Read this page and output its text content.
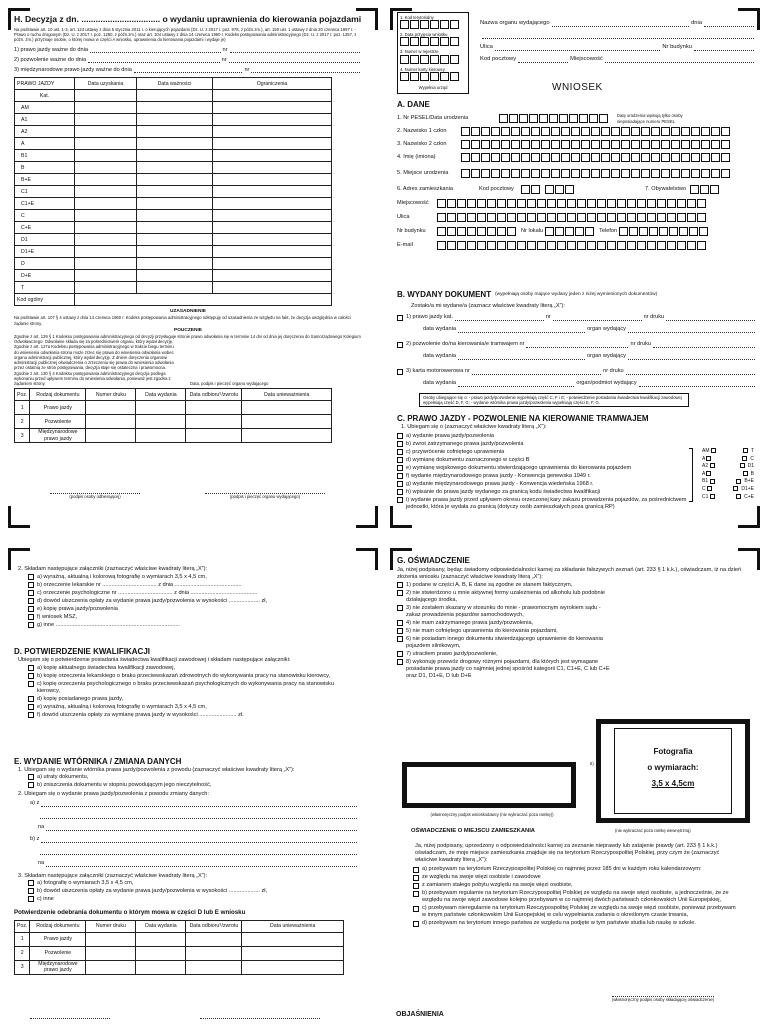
H. Decyzja z dn. ................................. o wydaniu uprawnienia do kierowania pojazdami

Na podstawie art. 10 ust. 1-3, art. 124 ustawy z dnia 5 stycznia 2011 r. o kierujących pojazdami (Dz. U. z 2017 r. poz. 978, z późn.zm.), art. 150 ust. 1 ustawy z dnia 20 czerwca 1997 r. - Prawo o ruchu drogowym (Dz. U. z 2017 r. poz. 1260, z późn.zm.) oraz art. 104 ustawy z dnia 14 czerwca 1960 r. Kodeks postępowania administracyjnego (Dz. U. z 2017 r. poz. 1257, z późn. zm.) przyznaje osobie, o której mowa w części A wniosku, uprawnienia do kierowania pojazdami i wydaje je)

1) prawo jazdy ważne do dnia	nr
2) pozwolenie ważne do dnia	nr
3) międzynarodowe prawo jazdy ważne do dnia	nr
PRAWO JAZDY	Data uzyskania	Data ważności	Ograniczenia
Kat.			
AM			
A1			
A2			
A			
B1			
B			
B+E			
C1			
C1+E			
C			
C+E			
D1			
D1+E			
D			
D+E			
T			
Kod ogólny			
UZASADNIENIE

Na podstawie art. 107 § 4 ustawy z dnia 14 czerwca 1960 r. Kodeks postępowania administracyjnego odstępuję od uzasadnienia ze względu na fakt, że decyzja uwzględnia w całości żądanie strony.

POUCZENIE

Zgodnie z art. 129 § 1 Kodeksu postępowania administracyjnego od decyzji przysługuje stronie prawo odwołania się w terminie 14 dni od dnia jej doręczenia do Samorządowego Kolegium Odwoławczego. Odwołanie składa się za pośrednictwem organu, który wydał decyzję.

Zgodnie z art. 127a Kodeksu postępowania administracyjnego w trakcie biegu terminu do wniesienia odwołania strona może zrzec się prawa do wniesienia odwołania wobec organu administracji publicznej, który wydał decyzję. Z dniem doręczenia organowi administracji publicznej oświadczenia o zrzeczeniu się prawa do wniesienia odwołania przez ostatnią ze stron postępowania, decyzja staje się ostateczna i prawomocna.

Zgodnie z art. 130 § 4 Kodeksu postępowania administracyjnego decyzja podlega wykonaniu przed upływem terminu do wniesienia odwołania, ponieważ jest zgodna z żądaniem strony.	Data, podpis i pieczęć organu wydającego
Poz.	Rodzaj dokumentu	Numer druku	Data wydania	Data odbioru⁹/zwrotu	Data unieważnienia
1	Prawo jazdy				
2	Pozwolenie				
3	Międzynarodowe prawo jazdy				
(podpis osoby odbierającej)	(podpis i pieczęć organu wydającego)
1. Kod terytorialny
2. Data przyjęcia wniosku
3. Numer w rejestrze
4. Numer karty kierowcy
Wypełnia urząd
Nazwa organu wydającego	dnia
Ulica	Nr budynku
Kod pocztowy	Miejscowość
WNIOSEK
A. DANE
1. Nr PESEL/Data urodzenia	Datę urodzenia wpisują tylko osoby nieposiadające numeru PESEL
2. Nazwisko 1 człon
3. Nazwisko 2 człon
4. Imię (imiona)
5. Miejsce urodzenia
6. Adres zamieszkania	Kod pocztowy	7. Obywatelstwo
Miejscowość
Ulica
Nr budynku	Nr lokalu	Telefon
E-mail
B. WYDANY DOKUMENT (wypełniają osoby mające wydany jeden z niżej wymienionych dokumentów)
Zostało/a mi wydane/a (zaznacz właściwe kwadraty literą „X”):
1) prawo jazdy kat.	nr	nr druku
data wydania	organ wydający
2) pozwolenie do/na kierowania/e tramwajem nr	nr druku
data wydania	organ wydający
3) karta motorowerowa nr	nr druku
data wydania	organ/podmiot wydający
Osoby ubiegające się o: - prawo jazdy/pozwolenie wypełniają część C, F i G; - potwierdzenie posiadania świadectwa kwalifikacji zawodowej wypełniają część D, F, G; - wydanie wtórnika prawa jazdy/pozwolenia wypełniają części E, F, G.
C. PRAWO JAZDY - POZWOLENIE NA KIEROWANIE TRAMWAJEM
1. Ubiegam się o (zaznaczyć właściwe kwadraty literą „X”):
a) wydanie prawa jazdy/pozwolenia
b) zwrot zatrzymanego prawa jazdy/pozwolenia
c) przywrócenie cofniętego uprawnienia
d) wymianę dokumentu zaznaczonego w części B
e) wymianę wojskowego dokumentu stwierdzającego uprawnienia do kierowania pojazdem
f) wydanie międzynarodowego prawa jazdy - Konwencja genewska 1949 r.
g) wydanie międzynarodowego prawa jazdy - Konwencja wiedeńska 1968 r.
h) wpisanie do prawa jazdy wydanego za granicą kodu świadectwa kwalifikacji
i) wydanie prawa jazdy przed upływem okresu orzeczonej kary zakazu prowadzenia pojazdów, za pośrednictwem jednostki, która je wydała za granicą (dotyczy osób zamieszkałych poza granicą RP)
AM	T
A	C
A2	D1
A	B
B1	B+E
C	D1+E
C1	C+E
2. Składam następujące załączniki (zaznaczyć właściwe kwadraty literą „X”):
a) wyraźną, aktualną i kolorową fotografię o wymiarach 3,5 x 4,5 cm,
b) orzeczenie lekarskie nr ................................... z dnia ...........................................
c) orzeczenie psychologiczne nr ................................... z dnia ...........................................
d) dowód uiszczenia opłaty za wydanie prawa jazdy/pozwolenia w wysokości .................... zł,
e) kopię prawa jazdy/pozwolenia
f) wniosek MSZ,
g) inne ................................................................................
D. POTWIERDZENIE KWALIFIKACJI
Ubiegam się o potwierdzenie posiadania świadectwa kwalifikacji zawodowej i składam następujące załączniki:
a) kopię aktualnego świadectwa kwalifikacji zawodowej,
b) kopię orzeczenia lekarskiego o braku przeciwwskazań zdrowotnych do wykonywania pracy na stanowisku kierowcy,
c) kopię orzeczenia psychologicznego o braku przeciwwskazań psychologicznych do wykonywania pracy na stanowisku kierowcy,
d) kopię posiadanego prawa jazdy,
e) wyraźną, aktualną i kolorową fotografię o wymiarach 3,5 x 4,5 cm,
f) dowód uiszczenia opłaty za wymianę prawa jazdy w wysokości ........................ zł.
E. WYDANIE WTÓRNIKA / ZMIANA DANYCH
1. Ubiegam się o wydanie wtórnika prawa jazdy/pozwolenia z powodu (zaznaczyć właściwe kwadraty literą „X”):
a) utraty dokumentu,
b) zniszczenia dokumentu w stopniu powodującym jego nieczytelność,
2. Ubiegam się o wydanie prawa jazdy/pozwolenia z powodu zmiany danych:
a) z
na
b) z
na
3. Składam następujące załączniki (zaznaczyć właściwe kwadraty literą „X”):
a) fotografię o wymiarach 3,5 x 4,5 cm,
b) dowód uiszczenia opłaty za wydanie prawa jazdy/pozwolenia w wysokości .................... zł,
c) inne
Potwierdzenie odebrania dokumentu o którym mowa w części D lub E wniosku
Poz.	Rodzaj dokumentu	Numer druku	Data wydania	Data odbioru⁹/zwrotu	Data unieważnienia
1	Prawo jazdy				
2	Pozwolenie				
3	Międzynarodowe prawo jazdy				
G. OŚWIADCZENIE
Ja, niżej podpisany, będąc świadomy odpowiedzialności karnej za składanie fałszywych zeznań (art. 233 § 1 k.k.), oświadczam, iż na dzień złożenia wniosku (zaznaczyć właściwe kwadraty literą „X”):
1) podane w części A, B, E dane są zgodne ze stanem faktycznym,
2) nie stwierdzono u mnie aktywnej formy uzależnienia od alkoholu lub podobnie działającego środka,
3) nie zostałem skazany w stosunku do mnie - prawomocnym wyrokiem sądu - zakaz prowadzenia pojazdów samochodowych,
4) nie mam zatrzymanego prawa jazdy/pozwolenia,
5) nie mam cofniętego uprawnienia do kierowania pojazdami,
6) nie posiadam innego dokumentu stwierdzającego uprawnienie do kierowania pojazdem silnikowym,
7) utraciłem prawo jazdy/pozwolenie,
8) wykonuję przewóz drogowy różnymi pojazdami, dla których jest wymagane posiadanie prawa jazdy co najmniej jednej spośród kategorii C1, C1+E, C lub C+E oraz D1, D1+E, D lub D+E
6)
(własnoręczny podpis wnioskodawcy (nie wykraczać poza ramkę))
Fotografia
o wymiarach:
3,5 x 4,5cm
(nie wykraczać poza ramkę wewnętrzną)
OŚWIADCZENIE O MIEJSCU ZAMIESZKANIA
Ja, niżej podpisany, uprzedzony o odpowiedzialności karnej za zeznanie nieprawdy lub zatajenie prawdy (art. 233 § 1 k.k.) oświadczam, że moje miejsce zamieszkania znajduje się na terytorium Rzeczypospolitej Polskiej, przy czym że (zaznaczyć właściwe kwadraty literą „X”):
a) przebywam na terytorium Rzeczypospolitej Polskiej co najmniej przez 185 dni w każdym roku kalendarzowym:
ze względu na swoje więzi osobiste i zawodowe
z zamiarem stałego pobytu względu na swoje więzi osobiste,
b) przebywam regularnie na terytorium Rzeczypospolitej Polskiej ze względu na swoje więzi osobiste, a jednocześnie, że ze względu na swoje więzi zawodowe kolejno przebywam w co najmniej dwóch państwach członkowskich Unii Europejskiej,
c) przebywam nieregularnie na terytorium Rzeczypospolitej Polskiej ze względu na swoje więzi osobiste, ponieważ przebywam w innym państwie członkowskim Unii Europejskiej w celu wypełniania zadania o określonym czasie trwania,
d) przebywam na terytorium innego państwa ze względu na podjęte w tym państwie studia lub naukę w szkole.
(własnoręczny podpis osoby składającej oświadczenie)
OBJAŚNIENIA
